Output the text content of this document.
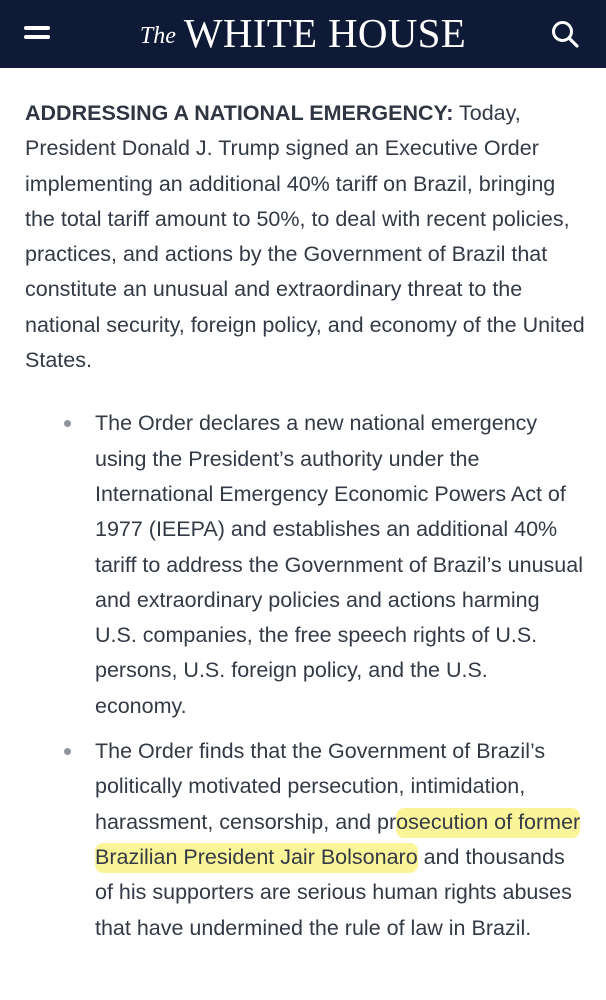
The WHITE HOUSE

ADDRESSING A NATIONAL EMERGENCY: Today, President Donald J. Trump signed an Executive Order implementing an additional 40% tariff on Brazil, bringing the total tariff amount to 50%, to deal with recent policies, practices, and actions by the Government of Brazil that constitute an unusual and extraordinary threat to the national security, foreign policy, and economy of the United States.

The Order declares a new national emergency using the President’s authority under the International Emergency Economic Powers Act of 1977 (IEEPA) and establishes an additional 40% tariff to address the Government of Brazil’s unusual and extraordinary policies and actions harming U.S. companies, the free speech rights of U.S. persons, U.S. foreign policy, and the U.S. economy.
The Order finds that the Government of Brazil’s politically motivated persecution, intimidation, harassment, censorship, and prosecution of former Brazilian President Jair Bolsonaro and thousands of his supporters are serious human rights abuses that have undermined the rule of law in Brazil.
